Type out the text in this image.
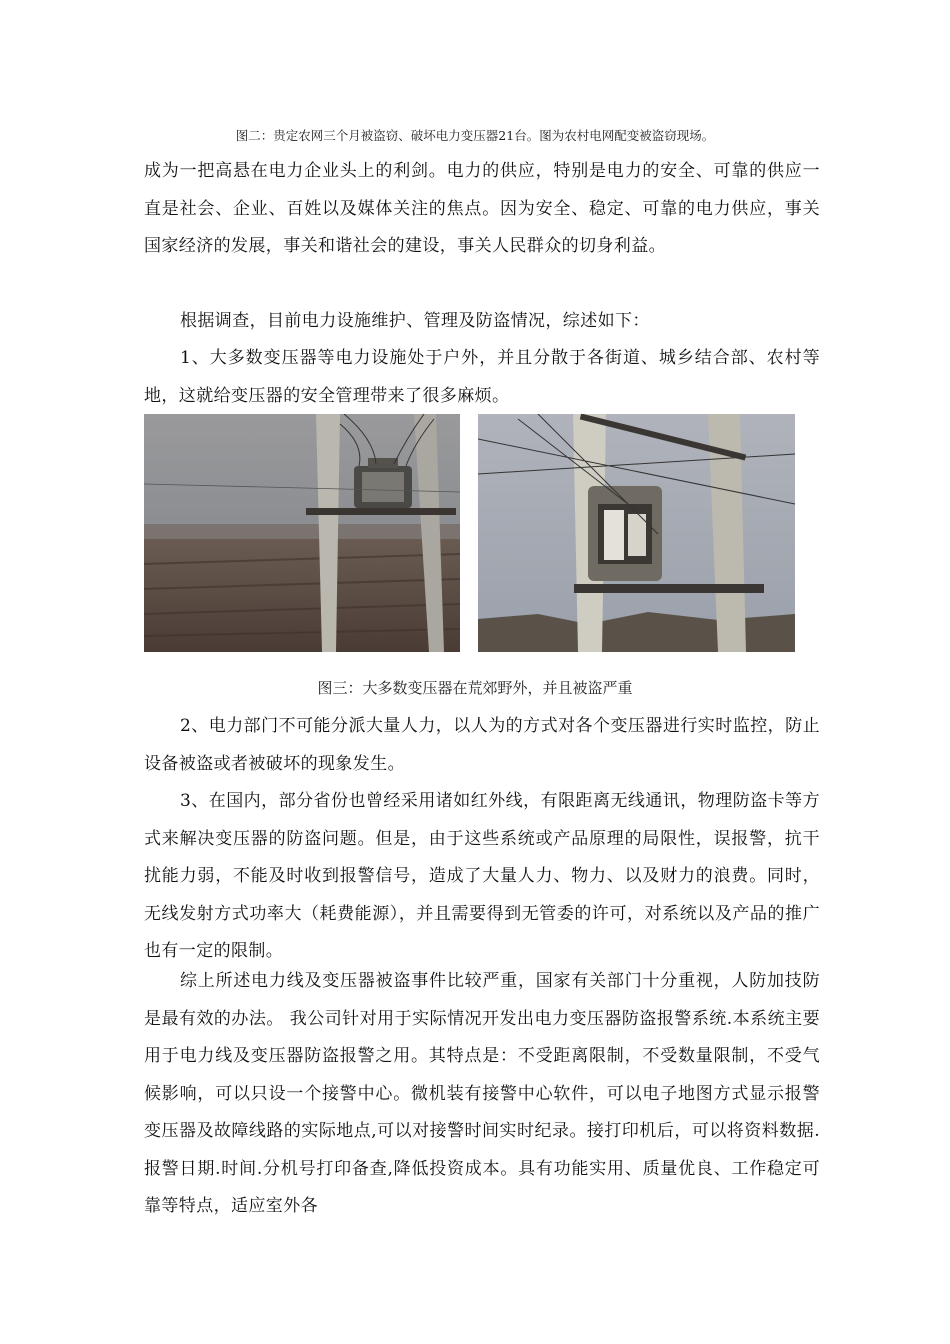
图二：贵定农网三个月被盗窃、破坏电力变压器21台。图为农村电网配变被盗窃现场。

成为一把高悬在电力企业头上的利剑。电力的供应，特别是电力的安全、可靠的供应一直是社会、企业、百姓以及媒体关注的焦点。因为安全、稳定、可靠的电力供应，事关国家经济的发展，事关和谐社会的建设，事关人民群众的切身利益。

根据调查，目前电力设施维护、管理及防盗情况，综述如下：

1、大多数变压器等电力设施处于户外，并且分散于各街道、城乡结合部、农村等地，这就给变压器的安全管理带来了很多麻烦。

图三：大多数变压器在荒郊野外，并且被盗严重

2、电力部门不可能分派大量人力，以人为的方式对各个变压器进行实时监控，防止设备被盗或者被破坏的现象发生。

3、在国内，部分省份也曾经采用诸如红外线，有限距离无线通讯，物理防盗卡等方式来解决变压器的防盗问题。但是，由于这些系统或产品原理的局限性，误报警，抗干扰能力弱，不能及时收到报警信号，造成了大量人力、物力、以及财力的浪费。同时，无线发射方式功率大（耗费能源），并且需要得到无管委的许可，对系统以及产品的推广也有一定的限制。

综上所述电力线及变压器被盗事件比较严重，国家有关部门十分重视，人防加技防是最有效的办法。 我公司针对用于实际情况开发出电力变压器防盗报警系统.本系统主要用于电力线及变压器防盗报警之用。其特点是：不受距离限制，不受数量限制，不受气候影响，可以只设一个接警中心。微机装有接警中心软件，可以电子地图方式显示报警变压器及故障线路的实际地点,可以对接警时间实时纪录。接打印机后，可以将资料数据.报警日期.时间.分机号打印备查,降低投资成本。具有功能实用、质量优良、工作稳定可靠等特点，适应室外各
